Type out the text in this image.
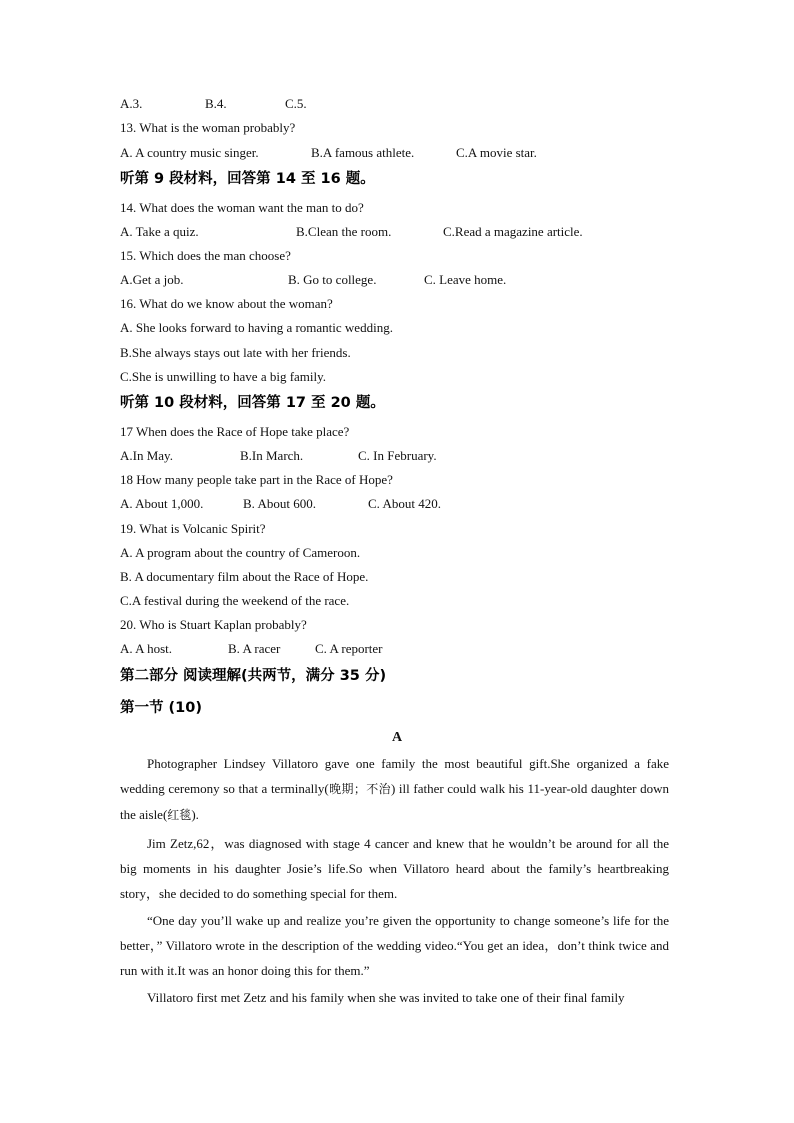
A.3.	B.4.	C.5.
13. What is the woman probably?
A. A country music singer.	B.A famous athlete.	C.A movie star.
听第 9 段材料，回答第 14 至 16 题。
14. What does the woman want the man to do?
A. Take a quiz.	B.Clean the room.	C.Read a magazine article.
15. Which does the man choose?
A.Get a job.	B. Go to college.	C. Leave home.
16. What do we know about the woman?
A. She looks forward to having a romantic wedding.
B.She always stays out late with her friends.
C.She is unwilling to have a big family.
听第 10 段材料，回答第 17 至 20 题。
17 When does the Race of Hope take place?
A.In May.	B.In March.	C. In February.
18 How many people take part in the Race of Hope?
A. About 1,000.	B. About 600.	C. About 420.
19. What is Volcanic Spirit?
A. A program about the country of Cameroon.
B. A documentary film about the Race of Hope.
C.A festival during the weekend of the race.
20. Who is Stuart Kaplan probably?
A. A host.	B. A racer	C. A reporter
第二部分 阅读理解(共两节，满分 35 分)
第一节 (10)
A
Photographer Lindsey Villatoro gave one family the most beautiful gift.She organized a fake wedding ceremony so that a terminally(晚期；不治) ill father could walk his 11-year-old daughter down the aisle(红毯).
Jim Zetz,62，was diagnosed with stage 4 cancer and knew that he wouldn’t be around for all the big moments in his daughter Josie’s life.So when Villatoro heard about the family’s heartbreaking story，she decided to do something special for them.
“One day you’ll wake up and realize you’re given the opportunity to change someone’s life for the better，” Villatoro wrote in the description of the wedding video.“You get an idea，don’t think twice and run with it.It was an honor doing this for them.”
Villatoro first met Zetz and his family when she was invited to take one of their final family
